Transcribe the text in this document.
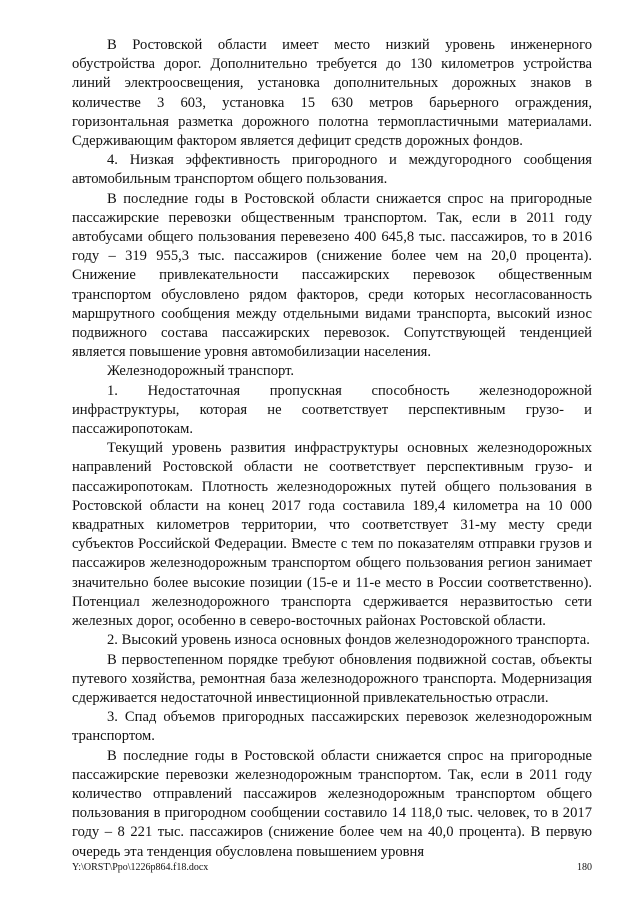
В Ростовской области имеет место низкий уровень инженерного обустройства дорог. Дополнительно требуется до 130 километров устройства линий электроосвещения, установка дополнительных дорожных знаков в количестве 3 603, установка 15 630 метров барьерного ограждения, горизонтальная разметка дорожного полотна термопластичными материалами. Сдерживающим фактором является дефицит средств дорожных фондов.

4. Низкая эффективность пригородного и междугородного сообщения автомобильным транспортом общего пользования.

В последние годы в Ростовской области снижается спрос на пригородные пассажирские перевозки общественным транспортом. Так, если в 2011 году автобусами общего пользования перевезено 400 645,8 тыс. пассажиров, то в 2016 году – 319 955,3 тыс. пассажиров (снижение более чем на 20,0 процента). Снижение привлекательности пассажирских перевозок общественным транспортом обусловлено рядом факторов, среди которых несогласованность маршрутного сообщения между отдельными видами транспорта, высокий износ подвижного состава пассажирских перевозок. Сопутствующей тенденцией является повышение уровня автомобилизации населения.

Железнодорожный транспорт.

1. Недостаточная пропускная способность железнодорожной инфраструктуры, которая не соответствует перспективным грузо- и пассажиропотокам.

Текущий уровень развития инфраструктуры основных железнодорожных направлений Ростовской области не соответствует перспективным грузо- и пассажиропотокам. Плотность железнодорожных путей общего пользования в Ростовской области на конец 2017 года составила 189,4 километра на 10 000 квадратных километров территории, что соответствует 31-му месту среди субъектов Российской Федерации. Вместе с тем по показателям отправки грузов и пассажиров железнодорожным транспортом общего пользования регион занимает значительно более высокие позиции (15-е и 11-е место в России соответственно). Потенциал железнодорожного транспорта сдерживается неразвитостью сети железных дорог, особенно в северо-восточных районах Ростовской области.

2. Высокий уровень износа основных фондов железнодорожного транспорта.

В первостепенном порядке требуют обновления подвижной состав, объекты путевого хозяйства, ремонтная база железнодорожного транспорта. Модернизация сдерживается недостаточной инвестиционной привлекательностью отрасли.

3. Спад объемов пригородных пассажирских перевозок железнодорожным транспортом.

В последние годы в Ростовской области снижается спрос на пригородные пассажирские перевозки железнодорожным транспортом. Так, если в 2011 году количество отправлений пассажиров железнодорожным транспортом общего пользования в пригородном сообщении составило 14 118,0 тыс. человек, то в 2017 году – 8 221 тыс. пассажиров (снижение более чем на 40,0 процента). В первую очередь эта тенденция обусловлена повышением уровня

Y:\ORST\Ppo\1226p864.f18.docx	180
